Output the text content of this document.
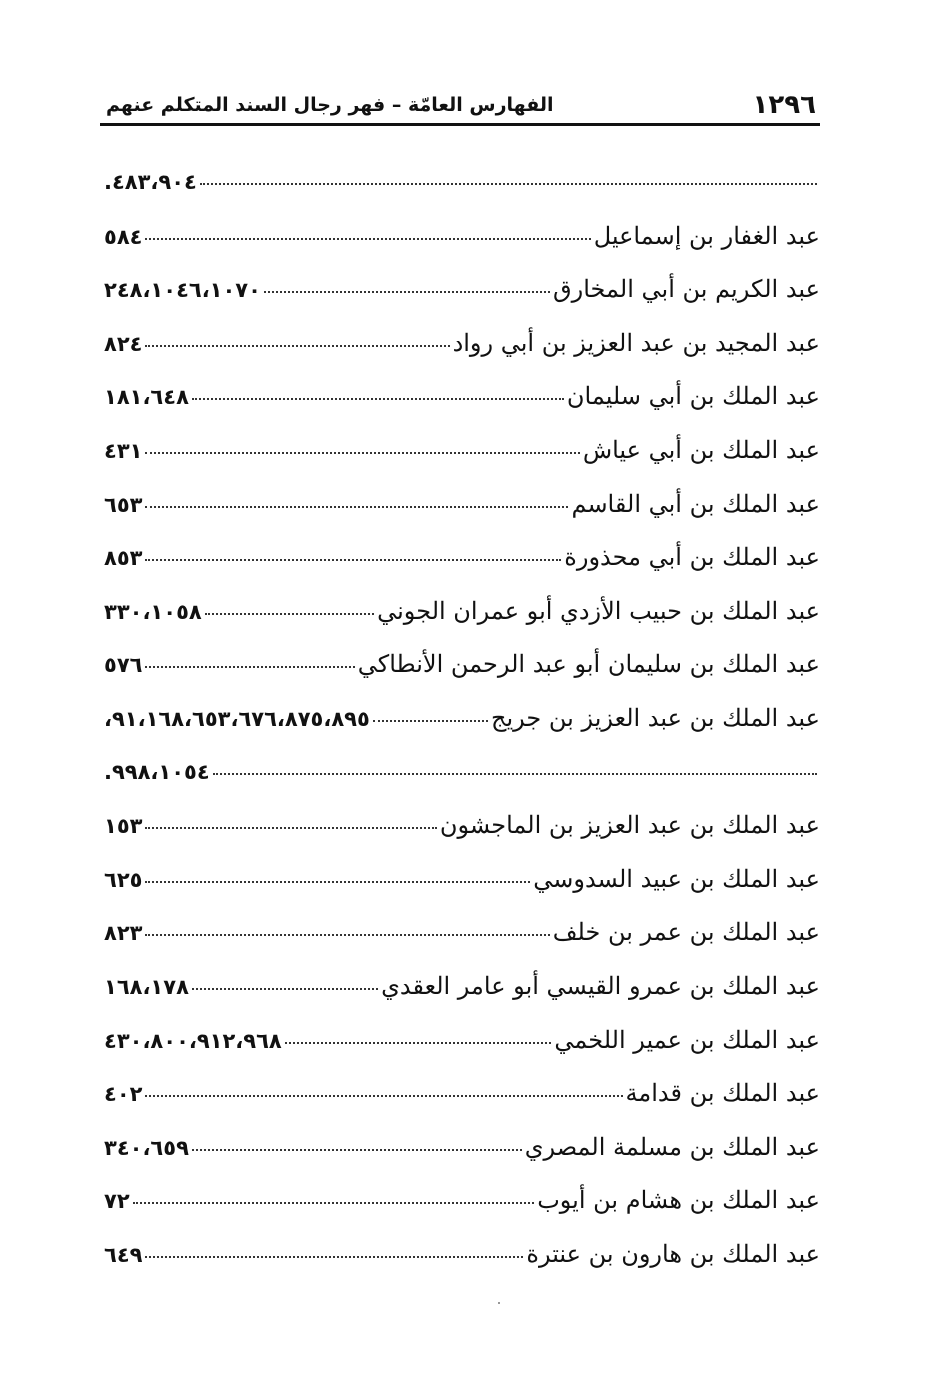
١٢٩٦
الفهارس العامّة – فهر رجال السند المتكلم عنهم
٤٨٣،٩٠٤.
عبد الغفار بن إسماعيل
٥٨٤
عبد الكريم بن أبي المخارق
٢٤٨،١٠٤٦،١٠٧٠
عبد المجيد بن عبد العزيز بن أبي رواد
٨٢٤
عبد الملك بن أبي سليمان
١٨١،٦٤٨
عبد الملك بن أبي عياش
٤٣١
عبد الملك بن أبي القاسم
٦٥٣
عبد الملك بن أبي محذورة
٨٥٣
عبد الملك بن حبيب الأزدي أبو عمران الجوني
٣٣٠،١٠٥٨
عبد الملك بن سليمان أبو عبد الرحمن الأنطاكي
٥٧٦
عبد الملك بن عبد العزيز بن جريج
٩١،١٦٨،٦٥٣،٦٧٦،٨٧٥،٨٩٥،
٩٩٨،١٠٥٤.
عبد الملك بن عبد العزيز بن الماجشون
١٥٣
عبد الملك بن عبيد السدوسي
٦٢٥
عبد الملك بن عمر بن خلف
٨٢٣
عبد الملك بن عمرو القيسي أبو عامر العقدي
١٦٨،١٧٨
عبد الملك بن عمير اللخمي
٤٣٠،٨٠٠،٩١٢،٩٦٨
عبد الملك بن قدامة
٤٠٢
عبد الملك بن مسلمة المصري
٣٤٠،٦٥٩
عبد الملك بن هشام بن أيوب
٧٢
عبد الملك بن هارون بن عنترة
٦٤٩
